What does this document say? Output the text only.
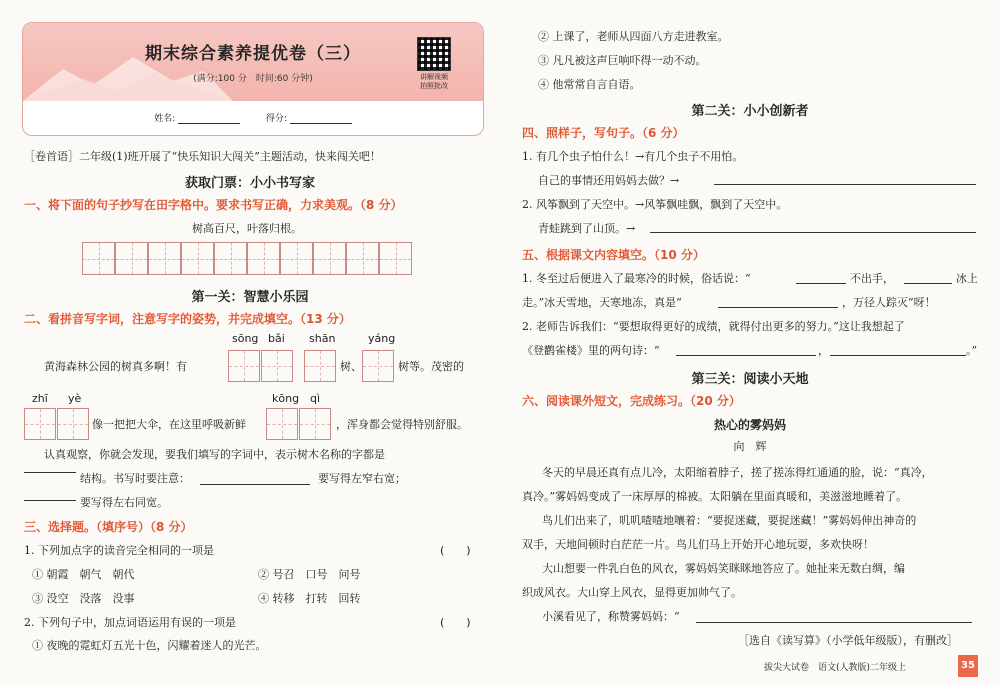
期末综合素养提优卷（三）
(满分:100 分　时间:60 分钟)	讲解视频
拍照批改
姓名:	得分:
［卷首语］二年级(1)班开展了“快乐知识大闯关”主题活动，快来闯关吧！
获取门票：小小书写家
一、将下面的句子抄写在田字格中。要求书写正确，力求美观。（8 分）
树高百尺，叶落归根。
第一关：智慧小乐园
二、看拼音写字词，注意写字的姿势，并完成填空。（13 分）
sōng bǎi shān	yáng
黄海森林公园的树真多啊！有	树、	树等。茂密的
zhī yè	kōng qì
像一把把大伞，在这里呼吸新鲜	，浑身都会觉得特别舒服。
认真观察，你就会发现，要我们填写的字词中，表示树木名称的字都是
结构。书写时要注意：	要写得左窄右宽；
要写得左右同宽。
三、选择题。（填序号）（8 分）
1. 下列加点字的读音完全相同的一项是	(　　)
① 朝霞　朝气　朝代	② 号召　口号　问号
③ 没空　没落　没事	④ 转移　打转　回转
2. 下列句子中，加点词语运用有误的一项是	(　　)
① 夜晚的霓虹灯五光十色，闪耀着迷人的光芒。
② 上课了，老师从四面八方走进教室。
③ 凡凡被这声巨响吓得一动不动。
④ 他常常自言自语。
第二关：小小创新者
四、照样子，写句子。（6 分）
1. 有几个虫子怕什么！→有几个虫子不用怕。
自己的事情还用妈妈去做？→
2. 风筝飘到了天空中。→风筝飘哇飘，飘到了天空中。
青蛙跳到了山顶。→
五、根据课文内容填空。（10 分）
1. 冬至过后便进入了最寒冷的时候，俗话说：“	不出手，	冰上
走。”冰天雪地，天寒地冻，真是“	，万径人踪灭”呀！
2. 老师告诉我们：“要想取得更好的成绩，就得付出更多的努力。”这让我想起了
《登鹳雀楼》里的两句诗：“	，	。”
第三关：阅读小天地
六、阅读课外短文，完成练习。（20 分）
热心的雾妈妈
向　辉
冬天的早晨还真有点儿冷，太阳缩着脖子，搓了搓冻得红通通的脸，说：“真冷，
真冷。”雾妈妈变成了一床厚厚的棉被。太阳躺在里面真暖和，美滋滋地睡着了。
鸟儿们出来了，叽叽喳喳地嚷着：“要捉迷藏，要捉迷藏！”雾妈妈伸出神奇的
双手，天地间顿时白茫茫一片。鸟儿们马上开始开心地玩耍，多欢快呀！
大山想要一件乳白色的风衣，雾妈妈笑眯眯地答应了。她扯来无数白绸，编
织成风衣。大山穿上风衣，显得更加帅气了。
小溪看见了，称赞雾妈妈：“
［选自《读写算》（小学低年级版），有删改］
拔尖大试卷　语文(人教版)二年级上	35
